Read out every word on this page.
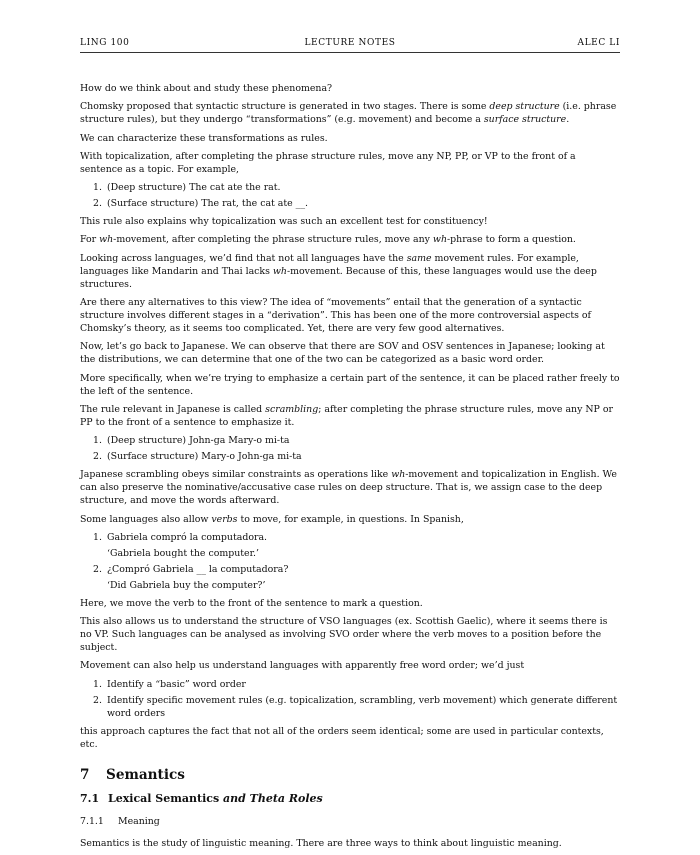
LING 100	LECTURE NOTES	ALEC LI

How do we think about and study these phenomena?

Chomsky proposed that syntactic structure is generated in two stages. There is some deep structure (i.e. phrase structure rules), but they undergo “transformations” (e.g. movement) and become a surface structure.

We can characterize these transformations as rules.

With topicalization, after completing the phrase structure rules, move any NP, PP, or VP to the front of a sentence as a topic. For example,

1. (Deep structure) The cat ate the rat.
2. (Surface structure) The rat, the cat ate __.

This rule also explains why topicalization was such an excellent test for constituency!

For wh-movement, after completing the phrase structure rules, move any wh-phrase to form a question.

Looking across languages, we’d find that not all languages have the same movement rules. For example, languages like Mandarin and Thai lacks wh-movement. Because of this, these languages would use the deep structures.

Are there any alternatives to this view? The idea of “movements” entail that the generation of a syntactic structure involves different stages in a “derivation”. This has been one of the more controversial aspects of Chomsky’s theory, as it seems too complicated. Yet, there are very few good alternatives.

Now, let’s go back to Japanese. We can observe that there are SOV and OSV sentences in Japanese; looking at the distributions, we can determine that one of the two can be categorized as a basic word order.

More specifically, when we’re trying to emphasize a certain part of the sentence, it can be placed rather freely to the left of the sentence.

The rule relevant in Japanese is called scrambling; after completing the phrase structure rules, move any NP or PP to the front of a sentence to emphasize it.

1. (Deep structure) John-ga Mary-o mi-ta
2. (Surface structure) Mary-o John-ga mi-ta

Japanese scrambling obeys similar constraints as operations like wh-movement and topicalization in English. We can also preserve the nominative/accusative case rules on deep structure. That is, we assign case to the deep structure, and move the words afterward.

Some languages also allow verbs to move, for example, in questions. In Spanish,

1. Gabriela compró la computadora.
‘Gabriela bought the computer.’
2. ¿Compró Gabriela __ la computadora?
‘Did Gabriela buy the computer?’

Here, we move the verb to the front of the sentence to mark a question.

This also allows us to understand the structure of VSO languages (ex. Scottish Gaelic), where it seems there is no VP. Such languages can be analysed as involving SVO order where the verb moves to a position before the subject.

Movement can also help us understand languages with apparently free word order; we’d just

1. Identify a “basic” word order
2. Identify specific movement rules (e.g. topicalization, scrambling, verb movement) which generate different word orders

this approach captures the fact that not all of the orders seem identical; some are used in particular contexts, etc.

7 Semantics
7.1 Lexical Semantics and Theta Roles
7.1.1 Meaning

Semantics is the study of linguistic meaning. There are three ways to think about linguistic meaning.
